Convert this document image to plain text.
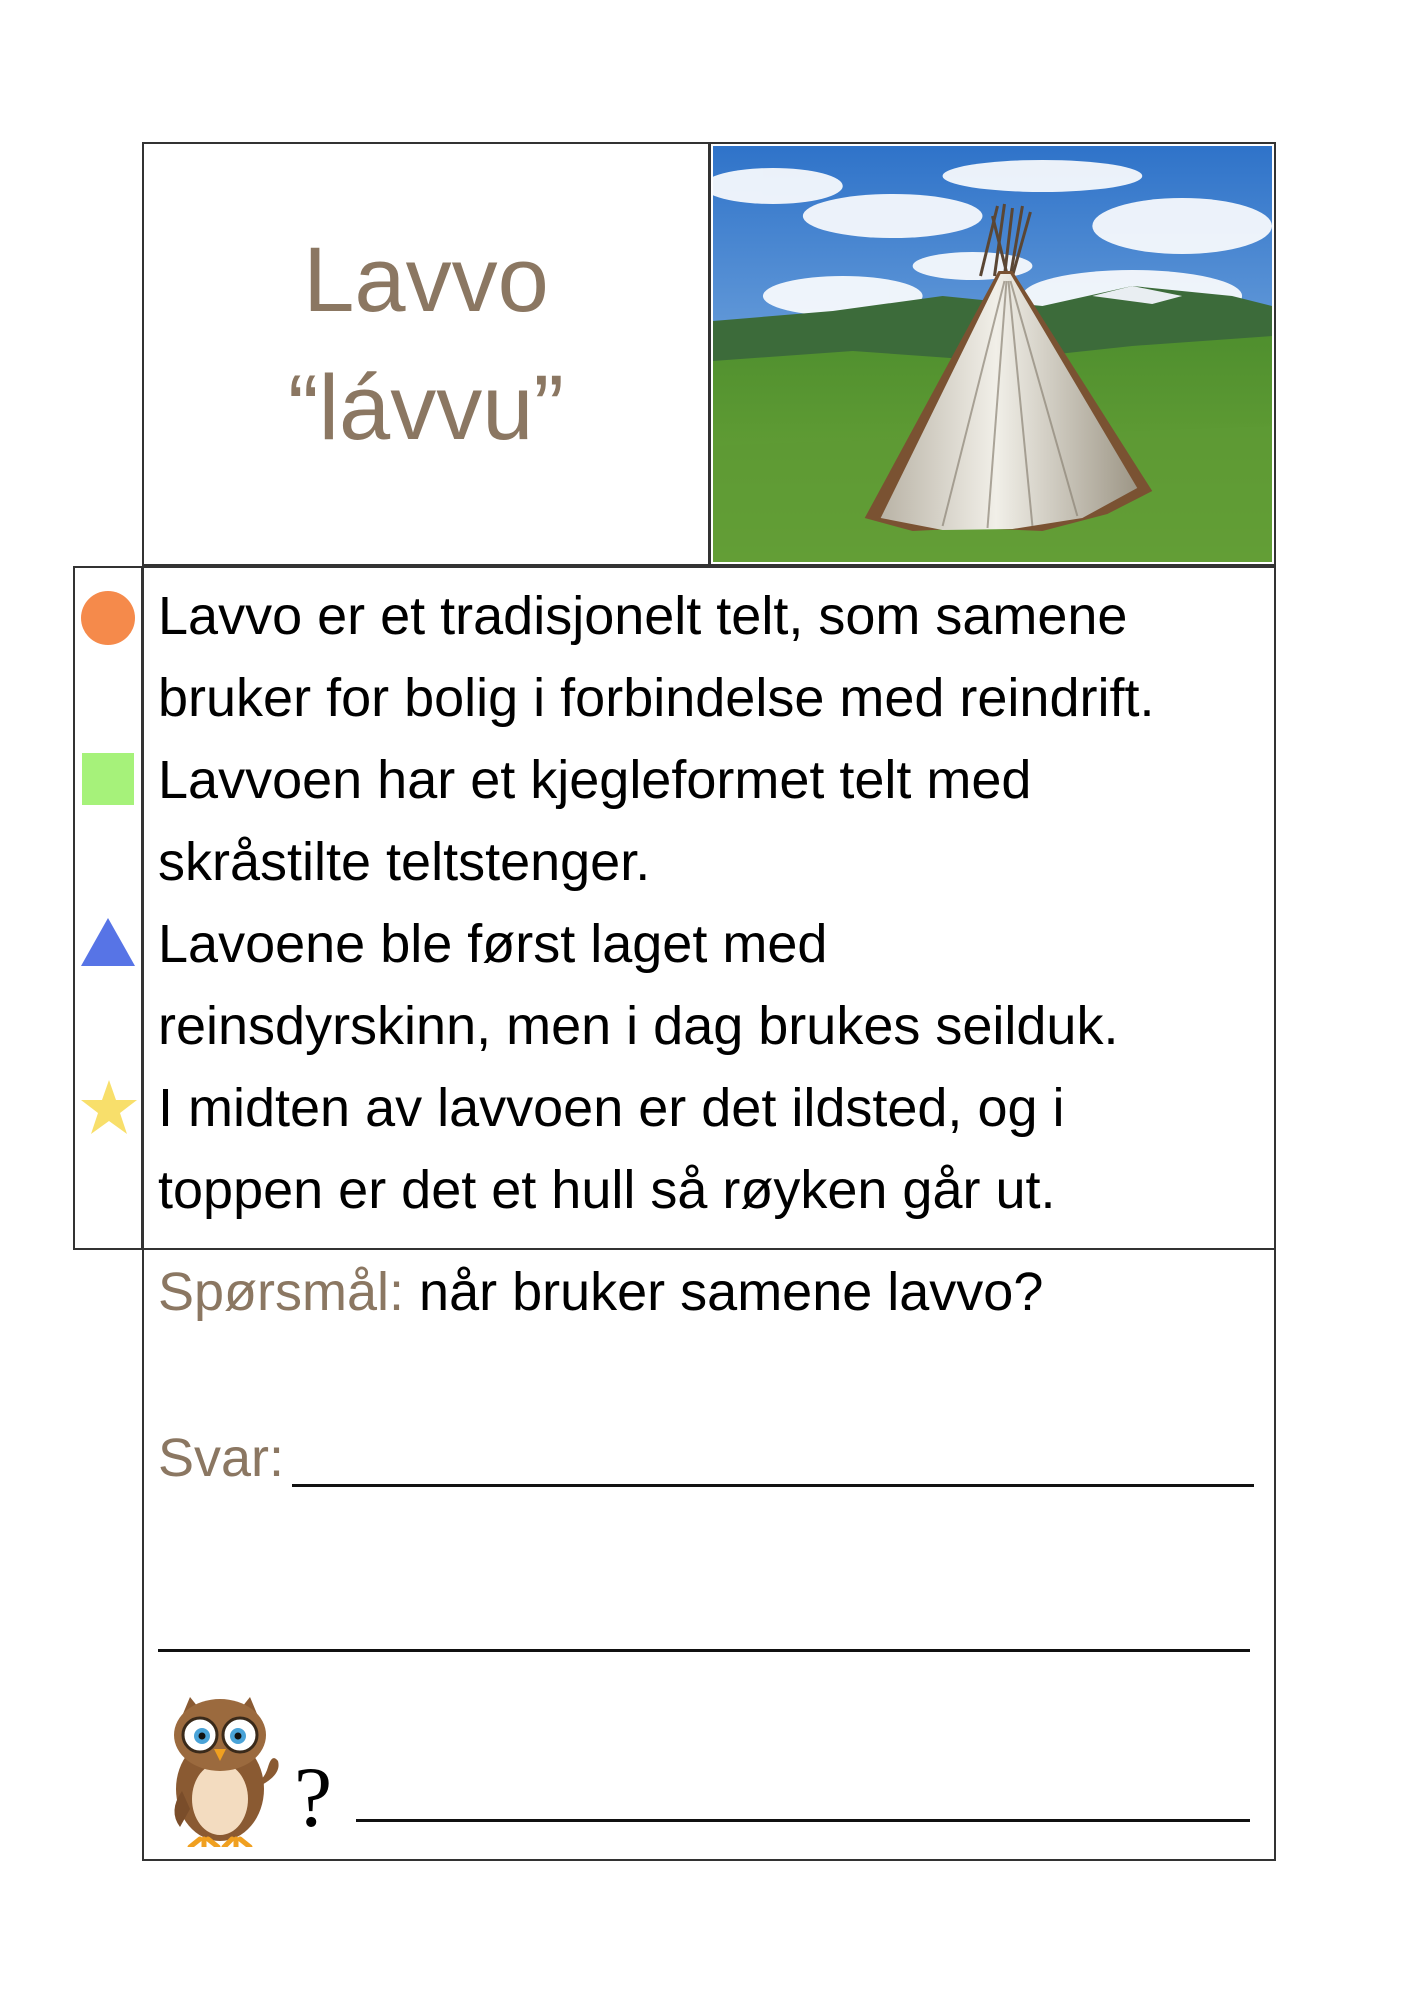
Lavvo
“lávvu”
Lavvo er et tradisjonelt telt, som samene
bruker for bolig i forbindelse med reindrift.
Lavvoen har et kjegleformet telt med
skråstilte teltstenger.
Lavoene ble først laget med
reinsdyrskinn, men i dag brukes seilduk.
I midten av lavvoen er det ildsted, og i
toppen er det et hull så røyken går ut.
Spørsmål: når bruker samene lavvo?
Svar:
?
